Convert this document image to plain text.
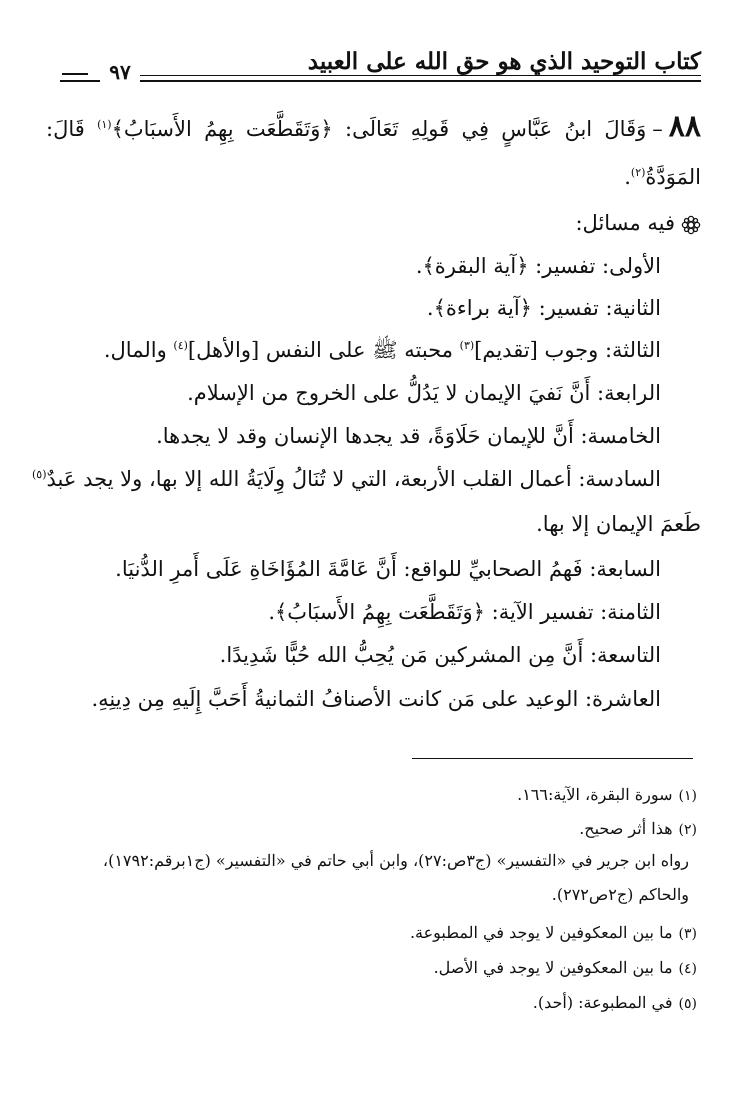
كتاب التوحيد الذي هو حق الله على العبيد
٩٧
٨٨–وَقَالَ ابنُ عَبَّاسٍ فِي قَولِهِ تَعَالَى: ﴿وَتَقَطَّعَت بِهِمُ الأَسبَابُ﴾$^{(١)}$ قَالَ:
المَوَدَّةُ$^{(٢)}$.
فيه مسائل:
الأولى: تفسير: ﴿آية البقرة﴾.
الثانية: تفسير: ﴿آية براءة﴾.
الثالثة: وجوب [تقديم]$^{(٣)}$ محبته ﷺ على النفس [والأهل]$^{(٤)}$ والمال.
الرابعة: أَنَّ نَفيَ الإيمان لا يَدُلُّ على الخروج من الإسلام.
الخامسة: أَنَّ للإيمان حَلَاوَةً، قد يجدها الإنسان وقد لا يجدها.
السادسة: أعمال القلب الأربعة، التي لا تُنَالُ وِلَايَةُ الله إلا بها، ولا يجد عَبدٌ$^{(٥)}$
طَعمَ الإيمان إلا بها.
السابعة: فَهمُ الصحابيِّ للواقع: أَنَّ عَامَّةَ المُؤَاخَاةِ عَلَى أَمرِ الدُّنيَا.
الثامنة: تفسير الآية: ﴿وَتَقَطَّعَت بِهِمُ الأَسبَابُ﴾.
التاسعة: أَنَّ مِن المشركين مَن يُحِبُّ الله حُبًّا شَدِيدًا.
العاشرة: الوعيد على مَن كانت الأصنافُ الثمانيةُ أَحَبَّ إِلَيهِ مِن دِينِهِ.
(١)سورة البقرة، الآية:١٦٦.
(٢)هذا أثر صحيح.
رواه ابن جرير في «التفسير» (ج٣ص:٢٧)، وابن أبي حاتم في «التفسير» (ج١برقم:١٧٩٢)،
والحاكم (ج٢ص٢٧٢).
(٣)ما بين المعكوفين لا يوجد في المطبوعة.
(٤)ما بين المعكوفين لا يوجد في الأصل.
(٥)في المطبوعة: (أحد).
